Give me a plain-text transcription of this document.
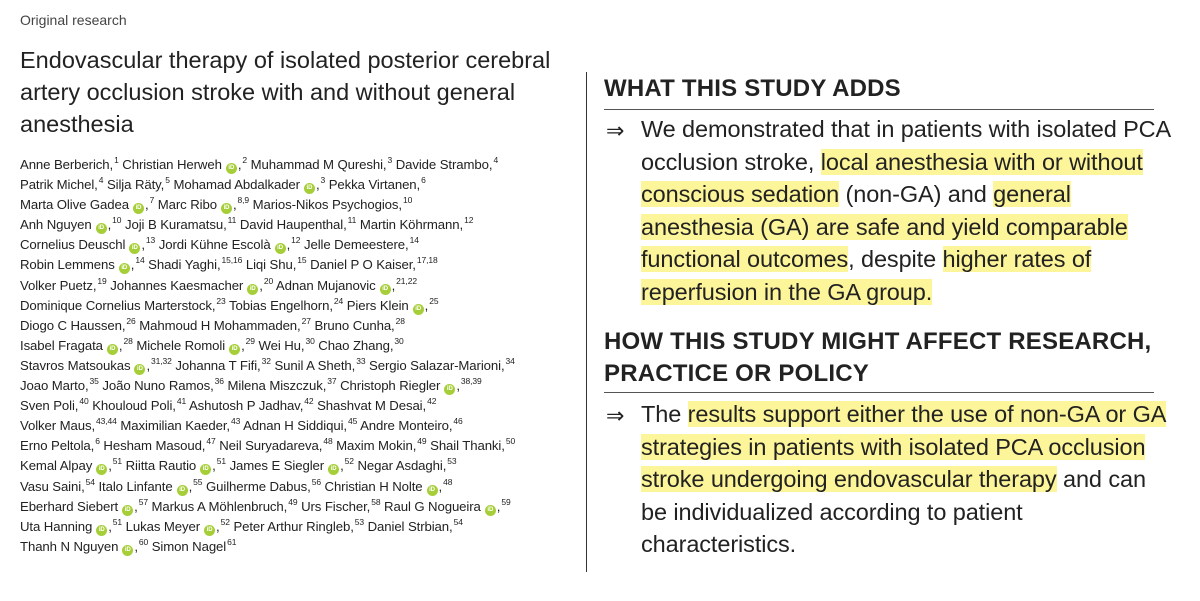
Original research
Endovascular therapy of isolated posterior cerebral artery occlusion stroke with and without general anesthesia
Anne Berberich,$^1$ Christian Herweh iD ,$^2$ Muhammad M Qureshi,$^3$ Davide Strambo,$^4$
Patrik Michel,$^4$ Silja Räty,$^5$ Mohamad Abdalkader iD ,$^3$ Pekka Virtanen,$^6$
Marta Olive Gadea iD ,$^7$ Marc Ribo iD ,$^{8,9}$ Marios-Nikos Psychogios,$^{10}$
Anh Nguyen iD ,$^{10}$ Joji B Kuramatsu,$^{11}$ David Haupenthal,$^{11}$ Martin Köhrmann,$^{12}$
Cornelius Deuschl iD ,$^{13}$ Jordi Kühne Escolà iD ,$^{12}$ Jelle Demeestere,$^{14}$
Robin Lemmens iD ,$^{14}$ Shadi Yaghi,$^{15,16}$ Liqi Shu,$^{15}$ Daniel P O Kaiser,$^{17,18}$
Volker Puetz,$^{19}$ Johannes Kaesmacher iD ,$^{20}$ Adnan Mujanovic iD ,$^{21,22}$
Dominique Cornelius Marterstock,$^{23}$ Tobias Engelhorn,$^{24}$ Piers Klein iD ,$^{25}$
Diogo C Haussen,$^{26}$ Mahmoud H Mohammaden,$^{27}$ Bruno Cunha,$^{28}$
Isabel Fragata iD ,$^{28}$ Michele Romoli iD ,$^{29}$ Wei Hu,$^{30}$ Chao Zhang,$^{30}$
Stavros Matsoukas iD ,$^{31,32}$ Johanna T Fifi,$^{32}$ Sunil A Sheth,$^{33}$ Sergio Salazar-Marioni,$^{34}$
Joao Marto,$^{35}$ João Nuno Ramos,$^{36}$ Milena Miszczuk,$^{37}$ Christoph Riegler iD ,$^{38,39}$
Sven Poli,$^{40}$ Khouloud Poli,$^{41}$ Ashutosh P Jadhav,$^{42}$ Shashvat M Desai,$^{42}$
Volker Maus,$^{43,44}$ Maximilian Kaeder,$^{43}$ Adnan H Siddiqui,$^{45}$ Andre Monteiro,$^{46}$
Erno Peltola,$^6$ Hesham Masoud,$^{47}$ Neil Suryadareva,$^{48}$ Maxim Mokin,$^{49}$ Shail Thanki,$^{50}$
Kemal Alpay iD ,$^{51}$ Riitta Rautio iD ,$^{51}$ James E Siegler iD ,$^{52}$ Negar Asdaghi,$^{53}$
Vasu Saini,$^{54}$ Italo Linfante iD ,$^{55}$ Guilherme Dabus,$^{56}$ Christian H Nolte iD ,$^{48}$
Eberhard Siebert iD ,$^{57}$ Markus A Möhlenbruch,$^{49}$ Urs Fischer,$^{58}$ Raul G Nogueira iD ,$^{59}$
Uta Hanning iD ,$^{51}$ Lukas Meyer iD ,$^{52}$ Peter Arthur Ringleb,$^{53}$ Daniel Strbian,$^{54}$
Thanh N Nguyen iD ,$^{60}$ Simon Nagel$^{61}$
WHAT THIS STUDY ADDS
⇒ We demonstrated that in patients with isolated PCA occlusion stroke, local anesthesia with or without conscious sedation (non-GA) and general anesthesia (GA) are safe and yield comparable functional outcomes, despite higher rates of reperfusion in the GA group.
HOW THIS STUDY MIGHT AFFECT RESEARCH,
PRACTICE OR POLICY
⇒ The results support either the use of non-GA or GA strategies in patients with isolated PCA occlusion stroke undergoing endovascular therapy and can be individualized according to patient characteristics.
